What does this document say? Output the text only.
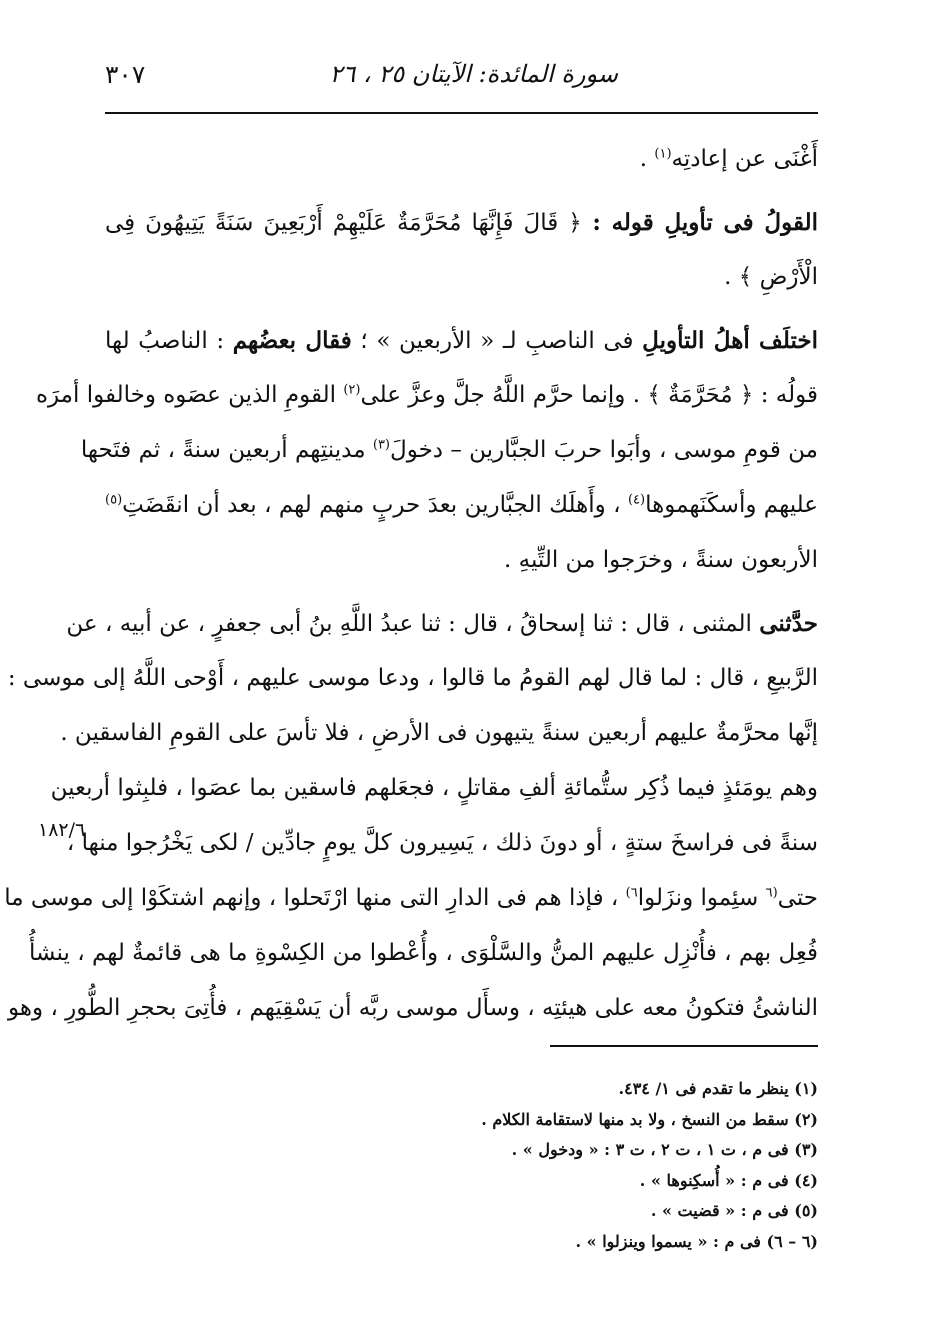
سورة المائدة: الآيتان ٢٥ ، ٢٦
٣٠٧
أَغْنَى عن إعادتِه$^{(١)}$ .
القولُ فى تأويلِ قوله : ﴿ قَالَ فَإِنَّهَا مُحَرَّمَةٌ عَلَيْهِمْ أَرْبَعِينَ سَنَةً يَتِيهُونَ فِى
الْأَرْضِ ﴾ .
اختلَف أهلُ التأويلِ فى الناصبِ لـ « الأربعين » ؛ فقال بعضُهم : الناصبُ لها
قولُه : ﴿ مُحَرَّمَةٌ ﴾ . وإنما حرَّم اللَّهُ جلَّ وعزَّ على$^{(٢)}$ القومِ الذين عصَوه وخالفوا أمرَه
من قومِ موسى ، وأبَوا حربَ الجبَّارين – دخولَ$^{(٣)}$ مدينتِهم أربعين سنةً ، ثم فتَحها
عليهم وأسكَنَهموها$^{(٤)}$ ، وأَهلَك الجبَّارين بعدَ حربٍ منهم لهم ، بعد أن انقَضَتِ$^{(٥)}$
الأربعون سنةً ، وخرَجوا من التِّيهِ .
حدَّثنى المثنى ، قال : ثنا إسحاقُ ، قال : ثنا عبدُ اللَّهِ بنُ أبى جعفرٍ ، عن أبيه ، عن
الرَّبيعِ ، قال : لما قال لهم القومُ ما قالوا ، ودعا موسى عليهم ، أَوْحى اللَّهُ إلى موسى :
إنَّها محرَّمةٌ عليهم أربعين سنةً يتيهون فى الأرضِ ، فلا تأسَ على القومِ الفاسقين .
وهم يومَئذٍ فيما ذُكِر ستُّمائةِ ألفِ مقاتلٍ ، فجعَلهم فاسقين بما عصَوا ، فلبِثوا أربعين
سنةً فى فراسخَ ستةٍ ، أو دونَ ذلك ، يَسِيرون كلَّ يومٍ جادِّين / لكى يَخْرُجوا منها ،
حتى$^{(٦}$ سئِموا ونزَلوا$^{٦)}$ ، فإذا هم فى الدارِ التى منها ارْتَحلوا ، وإنهم اشتكَوْا إلى موسى ما
فُعِل بهم ، فأُنْزِل عليهم المنُّ والسَّلْوَى ، وأُعْطوا من الكِسْوةِ ما هى قائمةٌ لهم ، ينشأُ
الناشئُ فتكونُ معه على هيئتِه ، وسأَل موسى ربَّه أن يَسْقِيَهم ، فأُتِىَ بحجرِ الطُّورِ ، وهو
١٨٢/٦
(١) ينظر ما تقدم فى ١/ ٤٣٤.
(٢) سقط من النسخ ، ولا بد منها لاستقامة الكلام .
(٣) فى م ، ت ١ ، ت ٢ ، ت ٣ : « ودخول » .
(٤) فى م : « أُسكِنوها » .
(٥) فى م : « قضيت » .
(٦ – ٦) فى م : « يسموا وينزلوا » .
